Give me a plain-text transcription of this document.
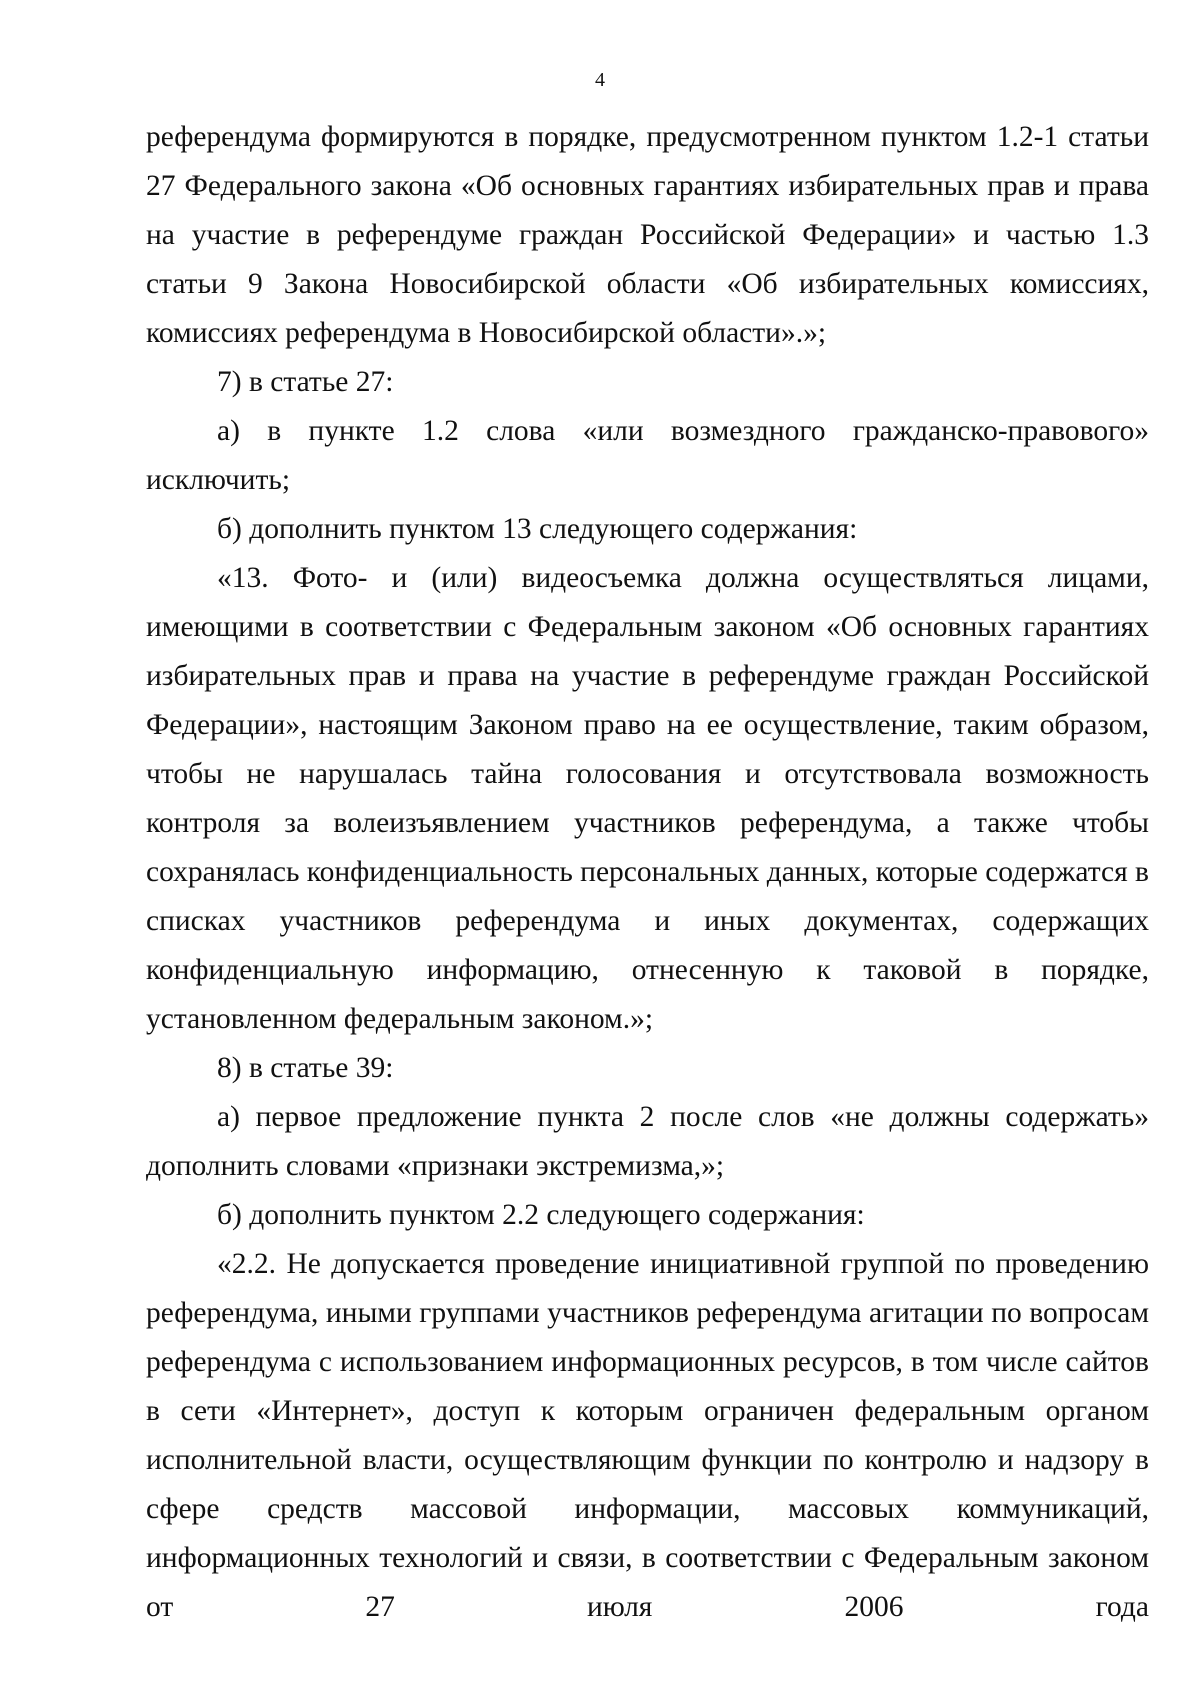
4

референдума формируются в порядке, предусмотренном пунктом 1.2-1 статьи 27 Федерального закона «Об основных гарантиях избирательных прав и права на участие в референдуме граждан Российской Федерации» и частью 1.3 статьи 9 Закона Новосибирской области «Об избирательных комиссиях, комиссиях референдума в Новосибирской области».»;

7) в статье 27:

а) в пункте 1.2 слова «или возмездного гражданско-правового» исключить;

б) дополнить пунктом 13 следующего содержания:

«13. Фото- и (или) видеосъемка должна осуществляться лицами, имеющими в соответствии с Федеральным законом «Об основных гарантиях избирательных прав и права на участие в референдуме граждан Российской Федерации», настоящим Законом право на ее осуществление, таким образом, чтобы не нарушалась тайна голосования и отсутствовала возможность контроля за волеизъявлением участников референдума, а также чтобы сохранялась конфиденциальность персональных данных, которые содержатся в списках участников референдума и иных документах, содержащих конфиденциальную информацию, отнесенную к таковой в порядке, установленном федеральным законом.»;

8) в статье 39:

а) первое предложение пункта 2 после слов «не должны содержать» дополнить словами «признаки экстремизма,»;

б) дополнить пунктом 2.2 следующего содержания:

«2.2. Не допускается проведение инициативной группой по проведению референдума, иными группами участников референдума агитации по вопросам референдума с использованием информационных ресурсов, в том числе сайтов в сети «Интернет», доступ к которым ограничен федеральным органом исполнительной власти, осуществляющим функции по контролю и надзору в сфере средств массовой информации, массовых коммуникаций, информационных технологий и связи, в соответствии с Федеральным законом от 27 июля 2006 года
